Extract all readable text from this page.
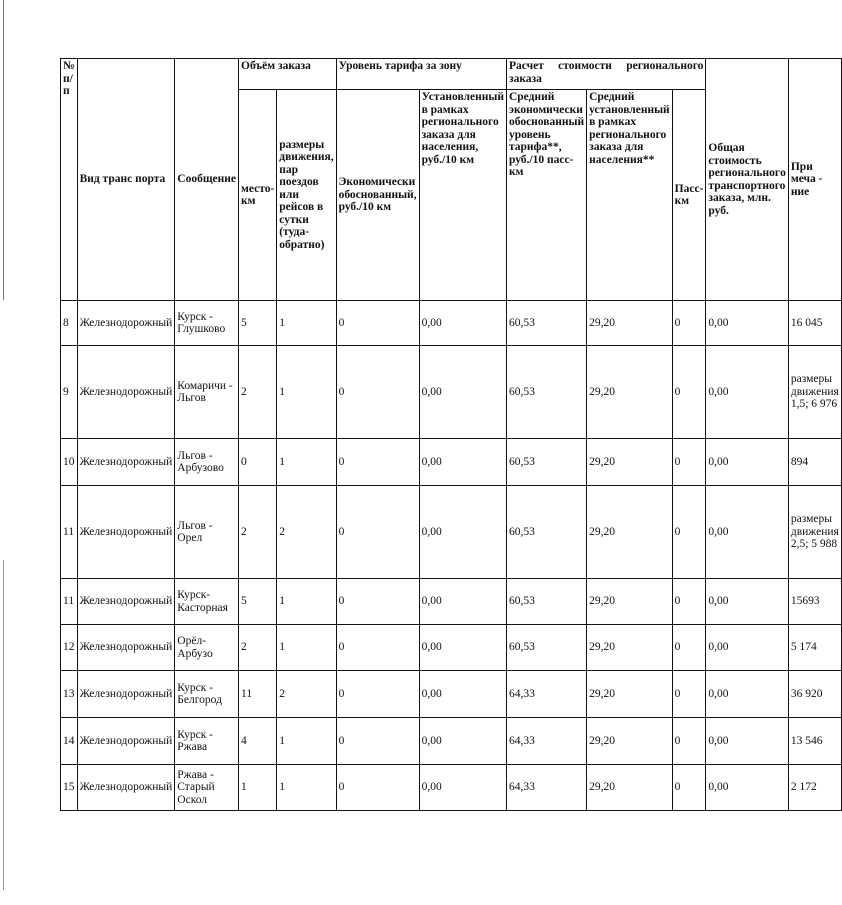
№ п/п	Вид транс порта	Сообщение	Объём заказа		Уровень тарифа за зону		Расчет стоимости регионального заказа			Общая стоимость региональногo транспортного заказа, млн. руб.	При меча - ние
			место- км	размеры движения, пар поездов или рейсов в сутки (туда- обратно)	Экономически обоснованный, руб./10 км	Установленный в рамках регионального заказа для населения, руб./10 км	Средний экономически обоснованный уровень тарифа**, руб./10 пасс- км	Средний установленный в рамках регионального заказа для населения**	Пасс- км		
8	Железнодорожный	Курск - Глушково	5	1	0	0,00	60,53	29,20	0	0,00	16 045
9	Железнодорожный	Комаричи - Льгов	2	1	0	0,00	60,53	29,20	0	0,00	размеры движения 1,5; 6 976
10	Железнодорожный	Льгов - Арбузово	0	1	0	0,00	60,53	29,20	0	0,00	894
11	Железнодорожный	Льгов - Орел	2	2	0	0,00	60,53	29,20	0	0,00	размеры движения 2,5; 5 988
11	Железнодорожный	Курск- Касторная	5	1	0	0,00	60,53	29,20	0	0,00	15693
12	Железнодорожный	Орёл- Арбузо	2	1	0	0,00	60,53	29,20	0	0,00	5 174
13	Железнодорожный	Курск - Белгород	11	2	0	0,00	64,33	29,20	0	0,00	36 920
14	Железнодорожный	Курск - Ржава	4	1	0	0,00	64,33	29,20	0	0,00	13 546
15	Железнодорожный	Ржава - Старый Оскол	1	1	0	0,00	64,33	29,20	0	0,00	2 172
